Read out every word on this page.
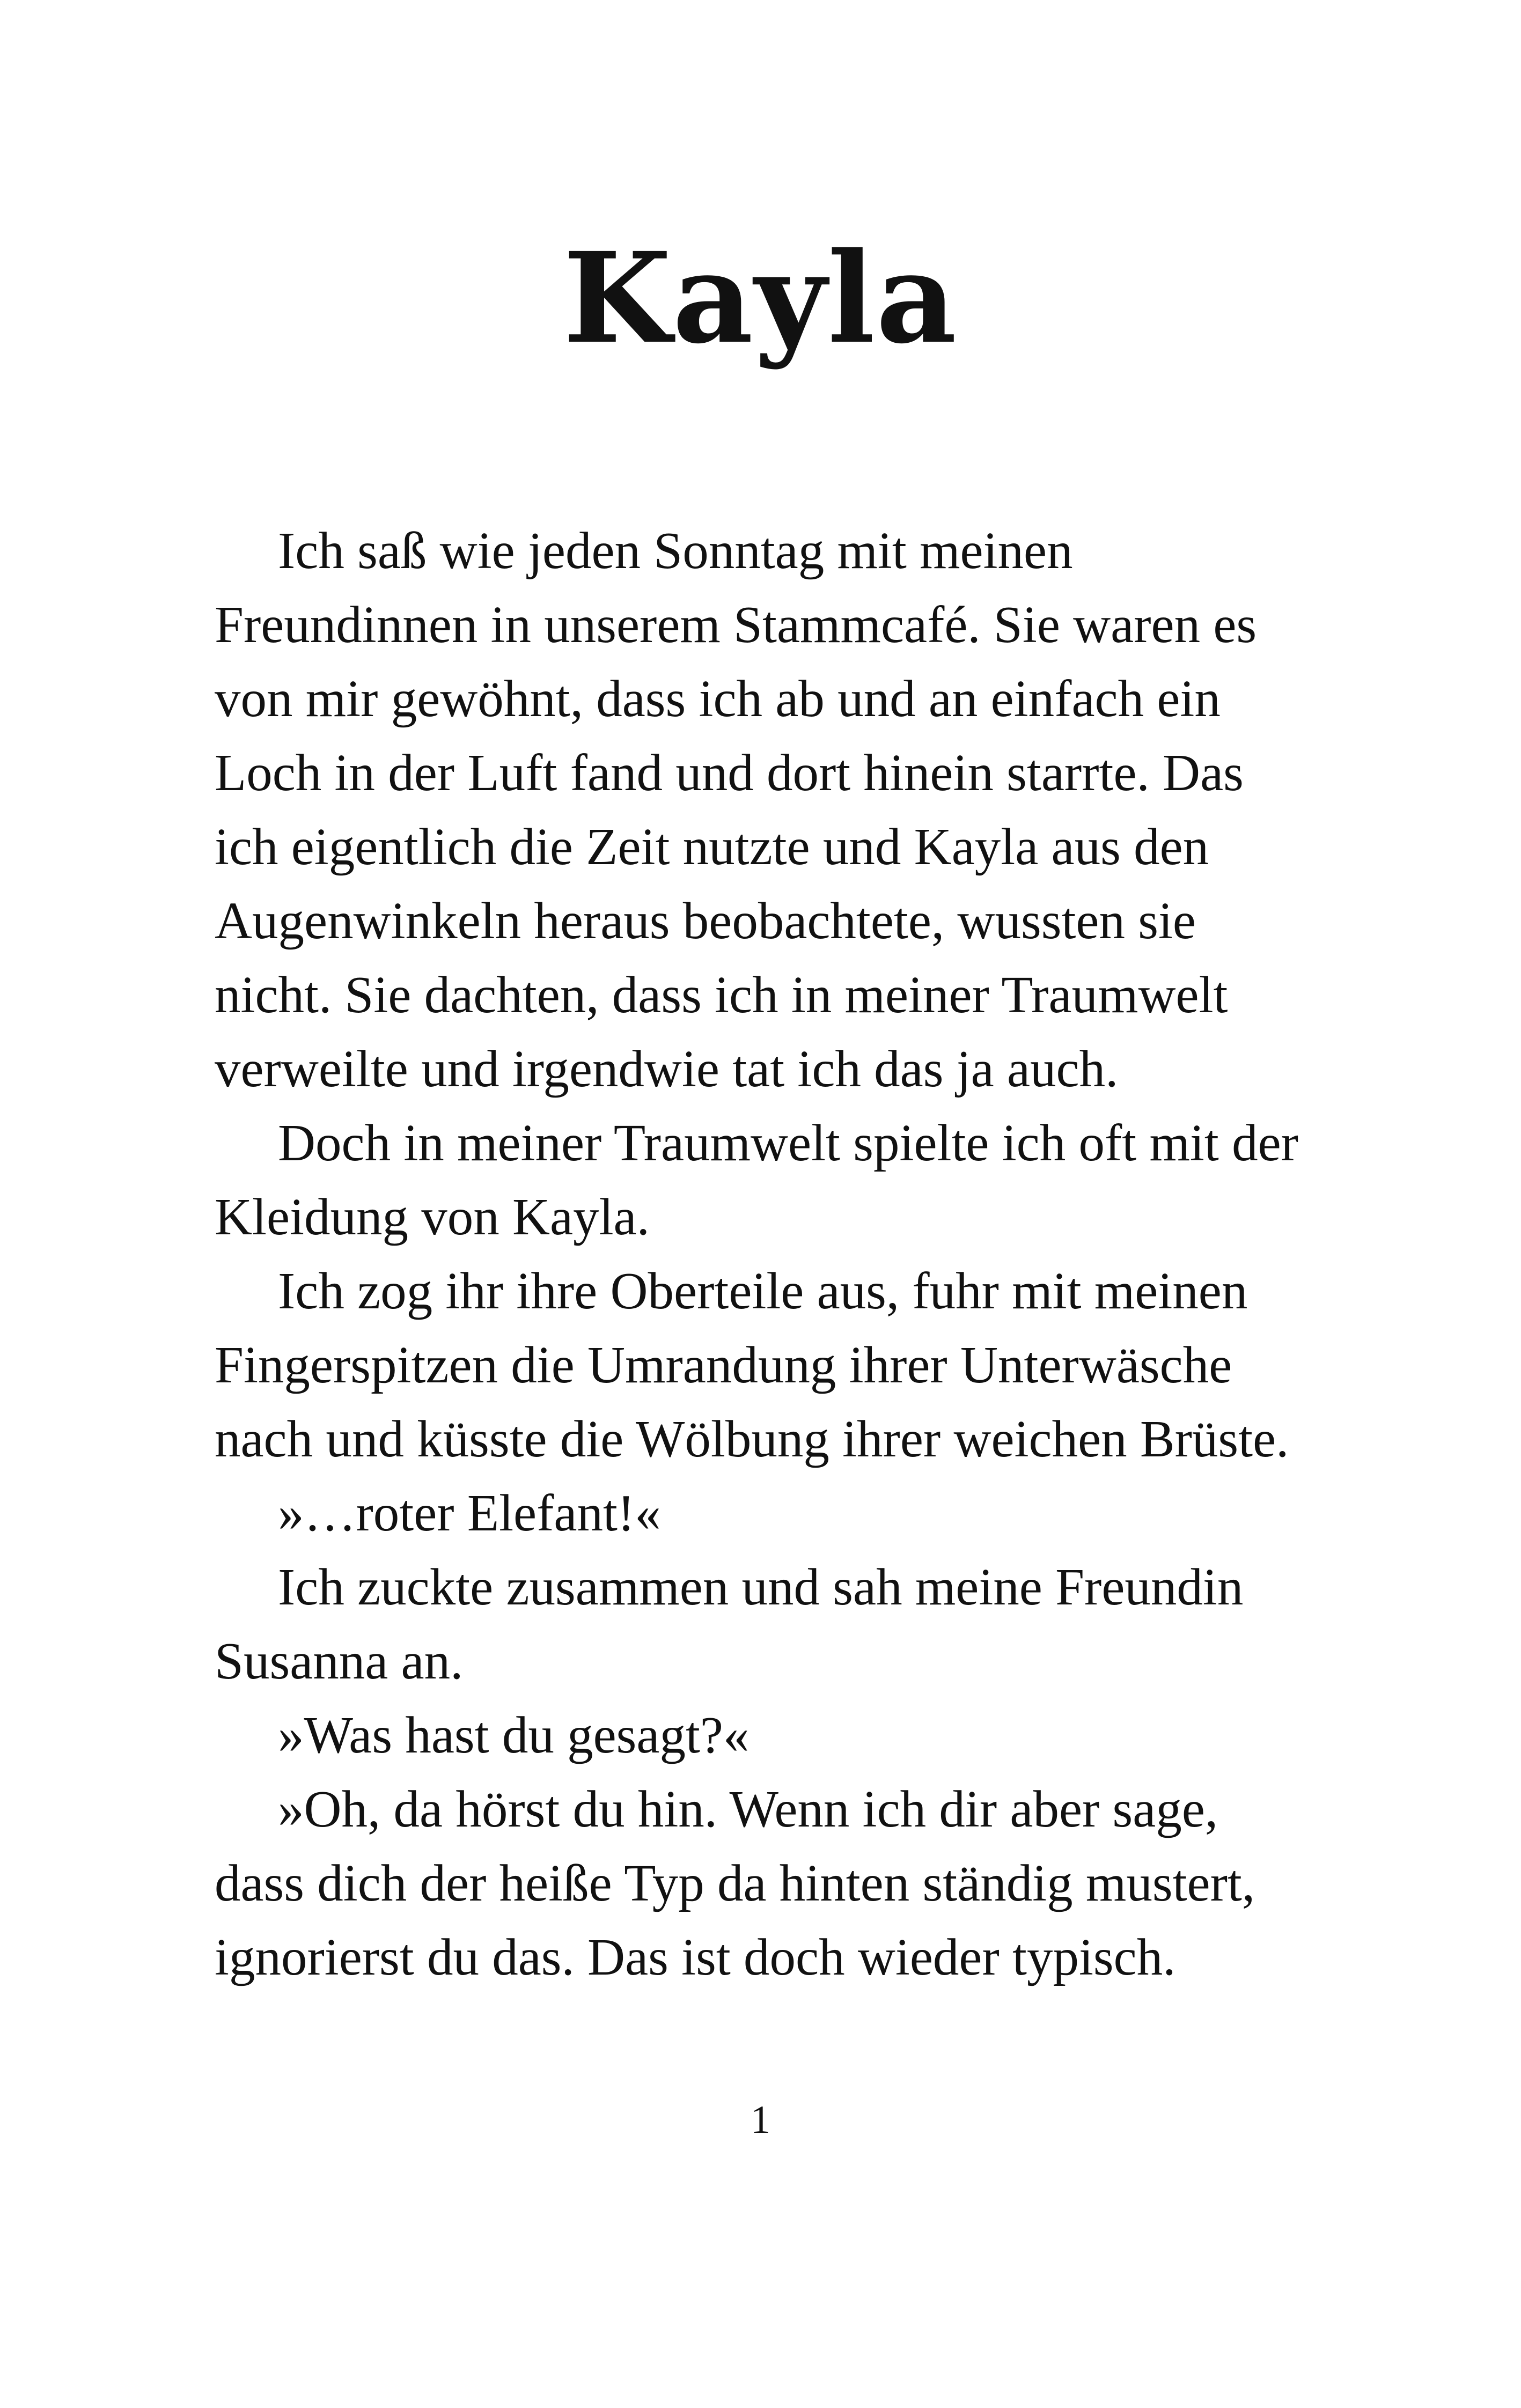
Kayla

Ich saß wie jeden Sonntag mit meinen Freundinnen in unserem Stammcafé. Sie waren es von mir gewöhnt, dass ich ab und an einfach ein Loch in der Luft fand und dort hinein starrte. Das ich eigentlich die Zeit nutzte und Kayla aus den Augenwinkeln heraus beobachtete, wussten sie nicht. Sie dachten, dass ich in meiner Traumwelt verweilte und irgendwie tat ich das ja auch.

Doch in meiner Traumwelt spielte ich oft mit der Kleidung von Kayla.

Ich zog ihr ihre Oberteile aus, fuhr mit meinen Fingerspitzen die Umrandung ihrer Unterwäsche nach und küsste die Wölbung ihrer weichen Brüste.

»…roter Elefant!«

Ich zuckte zusammen und sah meine Freundin Susanna an.

»Was hast du gesagt?«

»Oh, da hörst du hin. Wenn ich dir aber sage, dass dich der heiße Typ da hinten ständig mustert, ignorierst du das. Das ist doch wieder typisch.

1
